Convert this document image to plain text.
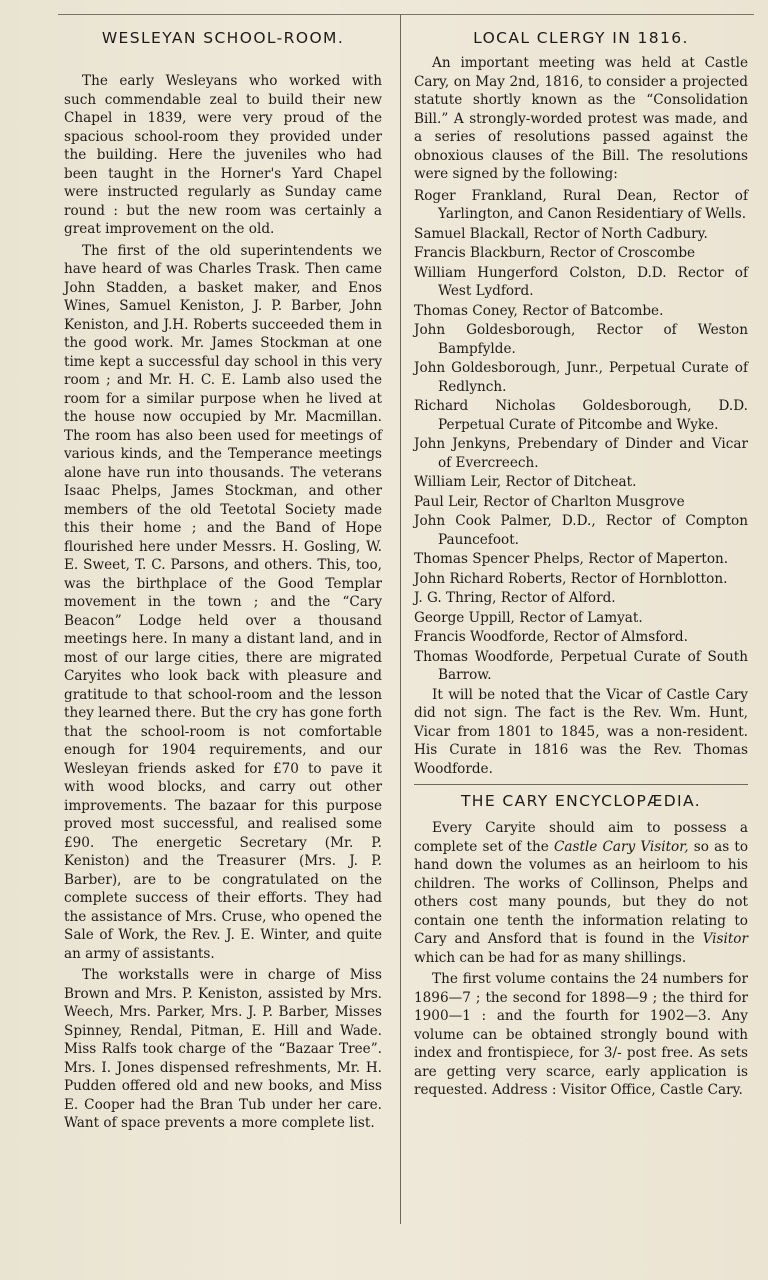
WESLEYAN SCHOOL-ROOM.

The early Wesleyans who worked with such commendable zeal to build their new Chapel in 1839, were very proud of the spacious school-room they provided under the building. Here the juveniles who had been taught in the Horner's Yard Chapel were instructed regularly as Sunday came round : but the new room was certainly a great improvement on the old.

The first of the old superintendents we have heard of was Charles Trask. Then came John Stadden, a basket maker, and Enos Wines, Samuel Keniston, J. P. Barber, John Keniston, and J.H. Roberts succeeded them in the good work. Mr. James Stockman at one time kept a successful day school in this very room ; and Mr. H. C. E. Lamb also used the room for a similar purpose when he lived at the house now occupied by Mr. Macmillan. The room has also been used for meetings of various kinds, and the Temperance meetings alone have run into thousands. The veterans Isaac Phelps, James Stockman, and other members of the old Teetotal Society made this their home ; and the Band of Hope flourished here under Messrs. H. Gosling, W. E. Sweet, T. C. Parsons, and others. This, too, was the birthplace of the Good Templar movement in the town ; and the “Cary Beacon” Lodge held over a thousand meetings here. In many a distant land, and in most of our large cities, there are migrated Caryites who look back with pleasure and gratitude to that school-room and the lesson they learned there. But the cry has gone forth that the school-room is not comfortable enough for 1904 requirements, and our Wesleyan friends asked for £70 to pave it with wood blocks, and carry out other improvements. The bazaar for this purpose proved most successful, and realised some £90. The energetic Secretary (Mr. P. Keniston) and the Treasurer (Mrs. J. P. Barber), are to be congratulated on the complete success of their efforts. They had the assistance of Mrs. Cruse, who opened the Sale of Work, the Rev. J. E. Winter, and quite an army of assistants.

The workstalls were in charge of Miss Brown and Mrs. P. Keniston, assisted by Mrs. Weech, Mrs. Parker, Mrs. J. P. Barber, Misses Spinney, Rendal, Pitman, E. Hill and Wade. Miss Ralfs took charge of the “Bazaar Tree”. Mrs. I. Jones dispensed refreshments, Mr. H. Pudden offered old and new books, and Miss E. Cooper had the Bran Tub under her care. Want of space prevents a more complete list.

LOCAL CLERGY IN 1816.

An important meeting was held at Castle Cary, on May 2nd, 1816, to consider a projected statute shortly known as the “Consolidation Bill.” A strongly-worded protest was made, and a series of resolutions passed against the obnoxious clauses of the Bill. The resolutions were signed by the following:

Roger Frankland, Rural Dean, Rector of Yarlington, and Canon Residentiary of Wells.
Samuel Blackall, Rector of North Cadbury.
Francis Blackburn, Rector of Croscombe
William Hungerford Colston, D.D. Rector of West Lydford.
Thomas Coney, Rector of Batcombe.
John Goldesborough, Rector of Weston Bampfylde.
John Goldesborough, Junr., Perpetual Curate of Redlynch.
Richard Nicholas Goldesborough, D.D. Perpetual Curate of Pitcombe and Wyke.
John Jenkyns, Prebendary of Dinder and Vicar of Evercreech.
William Leir, Rector of Ditcheat.
Paul Leir, Rector of Charlton Musgrove
John Cook Palmer, D.D., Rector of Compton Pauncefoot.
Thomas Spencer Phelps, Rector of Maperton.
John Richard Roberts, Rector of Hornblotton.
J. G. Thring, Rector of Alford.
George Uppill, Rector of Lamyat.
Francis Woodforde, Rector of Almsford.
Thomas Woodforde, Perpetual Curate of South Barrow.

It will be noted that the Vicar of Castle Cary did not sign. The fact is the Rev. Wm. Hunt, Vicar from 1801 to 1845, was a non-resident. His Curate in 1816 was the Rev. Thomas Woodforde.

THE CARY ENCYCLOPÆDIA.

Every Caryite should aim to possess a complete set of the Castle Cary Visitor, so as to hand down the volumes as an heirloom to his children. The works of Collinson, Phelps and others cost many pounds, but they do not contain one tenth the information relating to Cary and Ansford that is found in the Visitor which can be had for as many shillings.

The first volume contains the 24 numbers for 1896—7 ; the second for 1898—9 ; the third for 1900—1 : and the fourth for 1902—3. Any volume can be obtained strongly bound with index and frontispiece, for 3/- post free. As sets are getting very scarce, early application is requested. Address : Visitor Office, Castle Cary.
